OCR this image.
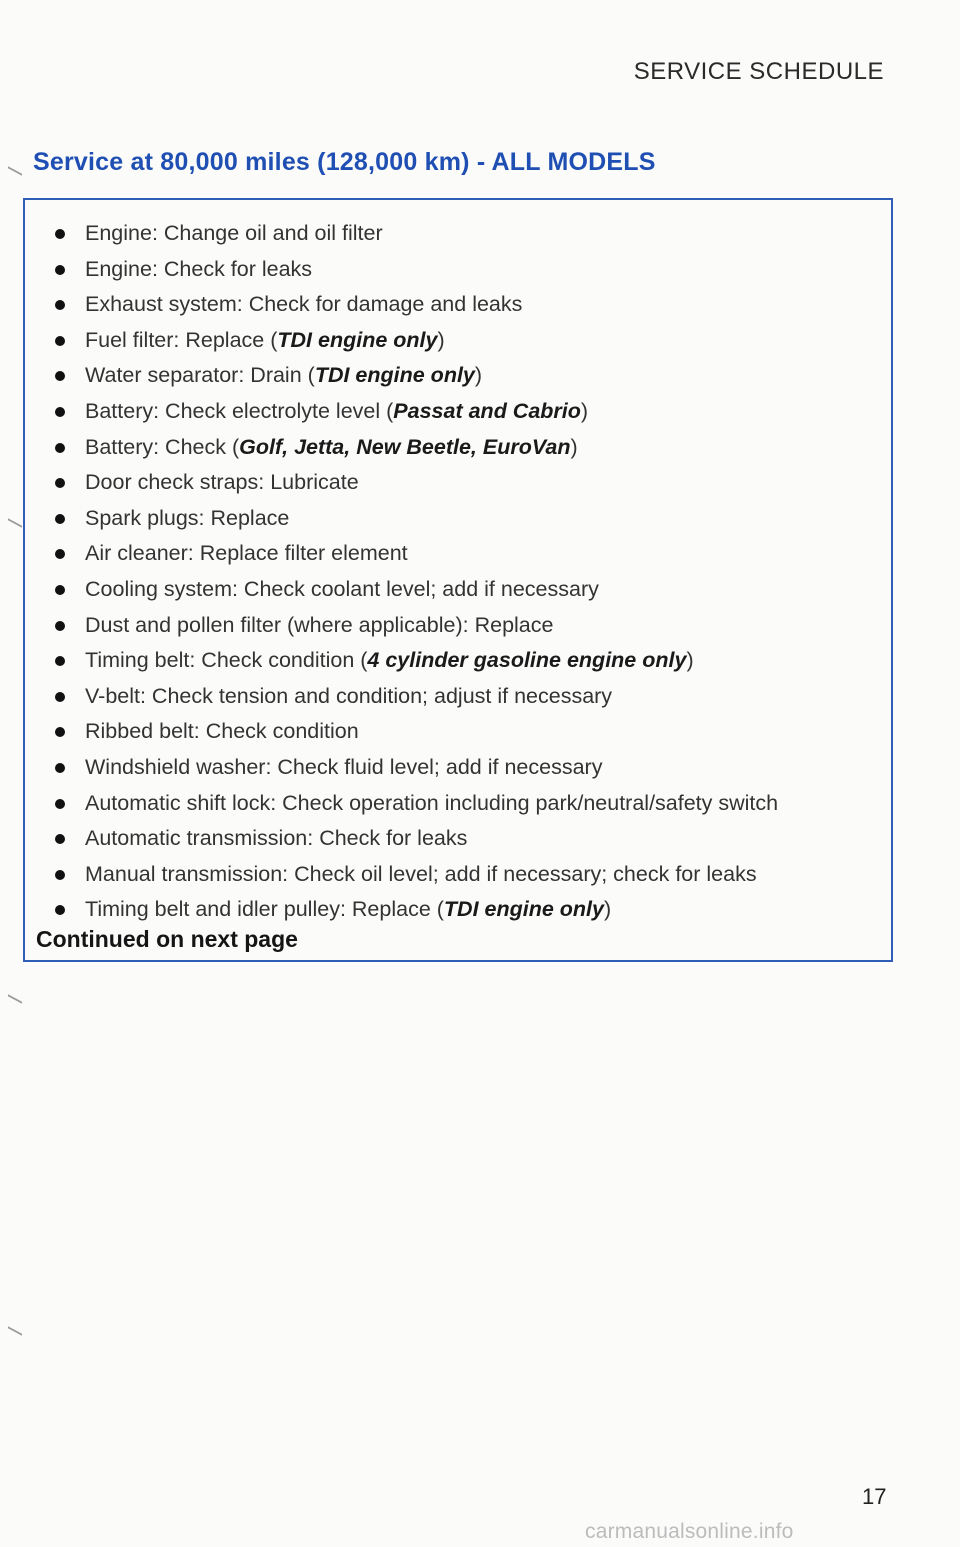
SERVICE SCHEDULE
Service at 80,000 miles (128,000 km) - ALL MODELS
Engine: Change oil and oil filter
Engine: Check for leaks
Exhaust system: Check for damage and leaks
Fuel filter: Replace (TDI engine only)
Water separator: Drain (TDI engine only)
Battery: Check electrolyte level (Passat and Cabrio)
Battery: Check (Golf, Jetta, New Beetle, EuroVan)
Door check straps: Lubricate
Spark plugs: Replace
Air cleaner: Replace filter element
Cooling system: Check coolant level; add if necessary
Dust and pollen filter (where applicable): Replace
Timing belt: Check condition (4 cylinder gasoline engine only)
V-belt: Check tension and condition; adjust if necessary
Ribbed belt: Check condition
Windshield washer: Check fluid level; add if necessary
Automatic shift lock: Check operation including park/neutral/safety switch
Automatic transmission: Check for leaks
Manual transmission: Check oil level; add if necessary; check for leaks
Timing belt and idler pulley: Replace (TDI engine only)
Continued on next page
17
carmanualsonline.info
